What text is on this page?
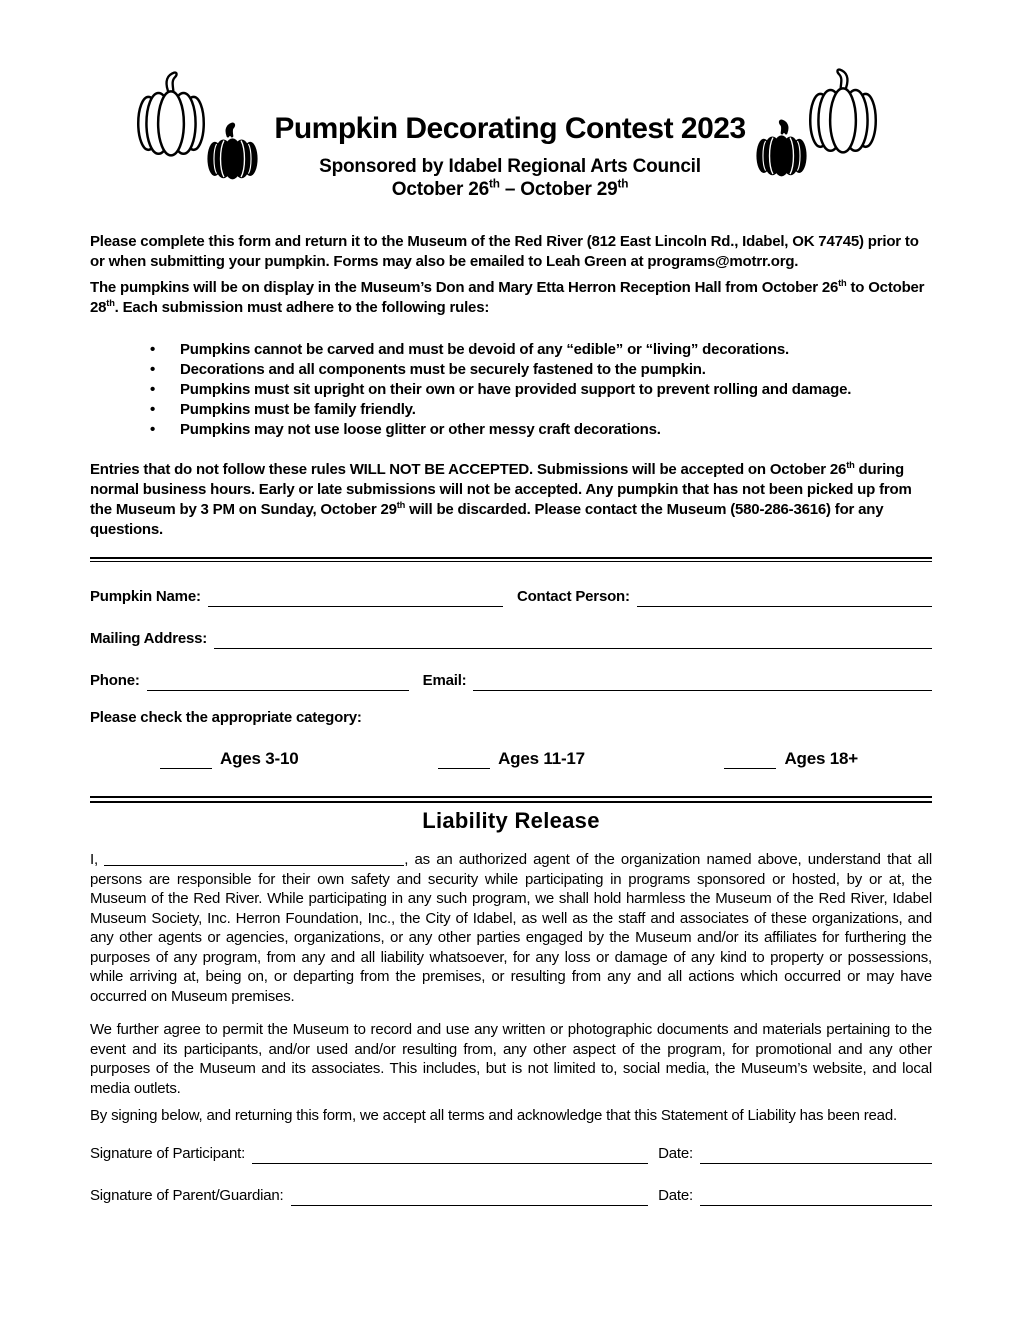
Pumpkin Decorating Contest 2023
Sponsored by Idabel Regional Arts Council
October 26th – October 29th

Please complete this form and return it to the Museum of the Red River (812 East Lincoln Rd., Idabel, OK 74745) prior to or when submitting your pumpkin. Forms may also be emailed to Leah Green at programs@motrr.org.

The pumpkins will be on display in the Museum’s Don and Mary Etta Herron Reception Hall from October 26th to October 28th. Each submission must adhere to the following rules:

• Pumpkins cannot be carved and must be devoid of any “edible” or “living” decorations.
• Decorations and all components must be securely fastened to the pumpkin.
• Pumpkins must sit upright on their own or have provided support to prevent rolling and damage.
• Pumpkins must be family friendly.
• Pumpkins may not use loose glitter or other messy craft decorations.

Entries that do not follow these rules WILL NOT BE ACCEPTED. Submissions will be accepted on October 26th during normal business hours. Early or late submissions will not be accepted. Any pumpkin that has not been picked up from the Museum by 3 PM on Sunday, October 29th will be discarded. Please contact the Museum (580-286-3616) for any questions.

Pumpkin Name:	Contact Person:
Mailing Address:
Phone:	Email:

Please check the appropriate category:

Ages 3-10	Ages 11-17	Ages 18+
Liability Release

I,	, as an authorized agent of the organization named above, understand that all persons are responsible for their own safety and security while participating in programs sponsored or hosted, by or at, the Museum of the Red River. While participating in any such program, we shall hold harmless the Museum of the Red River, Idabel Museum Society, Inc. Herron Foundation, Inc., the City of Idabel, as well as the staff and associates of these organizations, and any other agents or agencies, organizations, or any other parties engaged by the Museum and/or its affiliates for furthering the purposes of any program, from any and all liability whatsoever, for any loss or damage of any kind to property or possessions, while arriving at, being on, or departing from the premises, or resulting from any and all actions which occurred or may have occurred on Museum premises.

We further agree to permit the Museum to record and use any written or photographic documents and materials pertaining to the event and its participants, and/or used and/or resulting from, any other aspect of the program, for promotional and any other purposes of the Museum and its associates. This includes, but is not limited to, social media, the Museum’s website, and local media outlets.

By signing below, and returning this form, we accept all terms and acknowledge that this Statement of Liability has been read.

Signature of Participant:	Date:
Signature of Parent/Guardian:	Date:
